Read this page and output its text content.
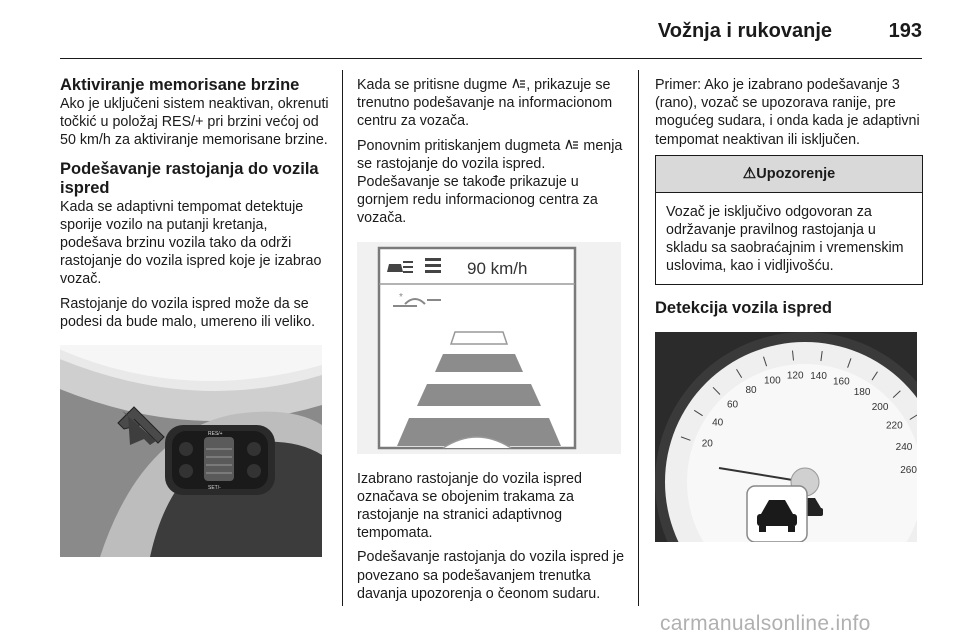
Vožnja i rukovanje	193
Aktiviranje memorisane brzine

Ako je uključeni sistem neaktivan, okrenuti točkić u položaj RES/+ pri brzini većoj od 50 km/h za aktiviranje memorisane brzine.

Podešavanje rastojanja do vozila ispred

Kada se adaptivni tempomat detektuje sporije vozilo na putanji kretanja, podešava brzinu vozila tako da održi rastojanje do vozila ispred koje je izabrao vozač.

Rastojanje do vozila ispred može da se podesi da bude malo, umereno ili veliko.

RES/+
SET/-

Kada se pritisne dugme , prikazuje se trenutno podešavanje na informacionom centru za vozača.

Ponovnim pritiskanjem dugmeta menja se rastojanje do vozila ispred. Podešavanje se takođe prikazuje u gornjem redu informacionog centra za vozača.

90 km/h
*

Izabrano rastojanje do vozila ispred označava se obojenim trakama za rastojanje na stranici adaptivnog tempomata.

Podešavanje rastojanja do vozila ispred je povezano sa podešavanjem trenutka davanja upozorenja o čeonom sudaru.

Primer: Ako je izabrano podešavanje 3 (rano), vozač se upozorava ranije, pre mogućeg sudara, i onda kada je adaptivni tempomat neaktivan ili isključen.

⚠Upozorenje
Vozač je isključivo odgovoran za održavanje pravilnog rastojanja u skladu sa saobraćajnim i vremenskim uslovima, kao i vidljivošću.
Detekcija vozila ispred
20
40
60
80
100 120 140
160
180
200
220
240
260
carmanualsonline.info
